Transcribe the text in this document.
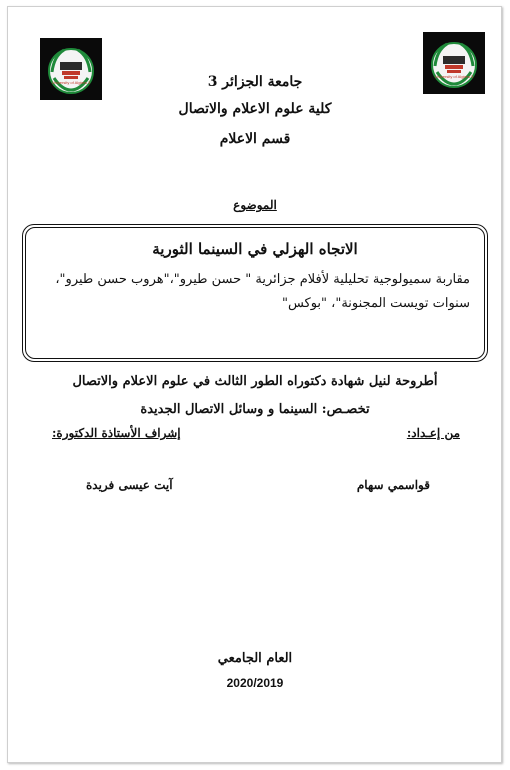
University of Algiers 3
University of Algiers 3
جامعة الجزائر 3
كلية علوم الاعلام والاتصال
قسم الاعلام
الموضوع
الاتجاه الهزلي في السينما الثورية
مقاربة سميولوجية تحليلية لأفلام جزائرية " حسن طيرو"،"هروب حسن طيرو"، سنوات تويست المجنونة"، "بوكس"
أطروحة لنيل شهادة دكتوراه الطور الثالث في علوم الاعلام والاتصال
تخصـص: السينما و وسائل الاتصال الجديدة
من إعـداد:
إشراف الأستاذة الدكتورة:
قواسمي سهام
آيت عيسى فريدة
العام الجامعي
2020/2019
